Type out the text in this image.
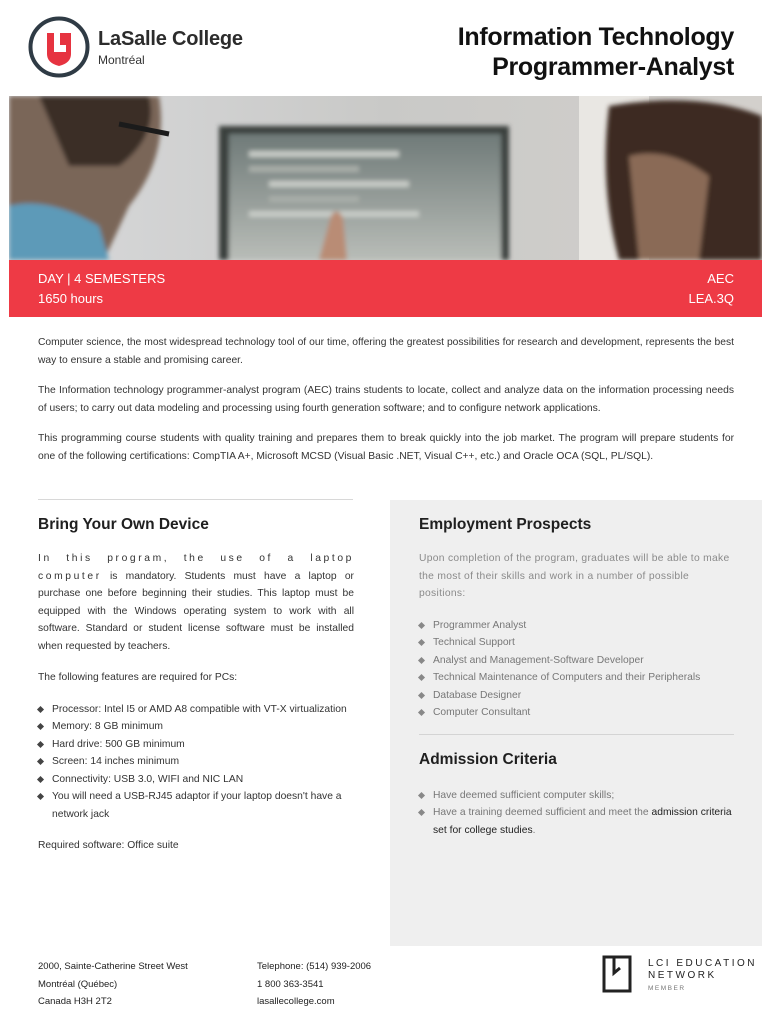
LaSalle College
Montréal
Information Technology
Programmer-Analyst
DAY | 4 SEMESTERS
1650 hours
AEC
LEA.3Q

Computer science, the most widespread technology tool of our time, offering the greatest possibilities for research and development, represents the best way to ensure a stable and promising career.

The Information technology programmer-analyst program (AEC) trains students to locate, collect and analyze data on the information processing needs of users; to carry out data modeling and processing using fourth generation software; and to configure network applications.

This programming course students with quality training and prepares them to break quickly into the job market. The program will prepare students for one of the following certifications: CompTIA A+, Microsoft MCSD (Visual Basic .NET, Visual C++, etc.) and Oracle OCA (SQL, PL/SQL).

Bring Your Own Device
In this program, the use of a laptop computer is mandatory. Students must have a laptop or purchase one before beginning their studies. This laptop must be equipped with the Windows operating system to work with all software. Standard or student license software must be installed when requested by teachers.
The following features are required for PCs:
Processor: Intel I5 or AMD A8 compatible with VT-X virtualization
Memory: 8 GB minimum
Hard drive: 500 GB minimum
Screen: 14 inches minimum
Connectivity: USB 3.0, WIFI and NIC LAN
You will need a USB-RJ45 adaptor if your laptop doesn't have a network jack
Required software: Office suite
Employment Prospects
Upon completion of the program, graduates will be able to make the most of their skills and work in a number of possible positions:
Programmer Analyst
Technical Support
Analyst and Management-Software Developer
Technical Maintenance of Computers and their Peripherals
Database Designer
Computer Consultant
Admission Criteria
Have deemed sufficient computer skills;
Have a training deemed sufficient and meet the admission criteria set for college studies.
2000, Sainte-Catherine Street West
Montréal (Québec)
Canada H3H 2T2
Telephone: (514) 939-2006
1 800 363-3541
lasallecollege.com
LCI EDUCATION
NETWORK
MEMBER
